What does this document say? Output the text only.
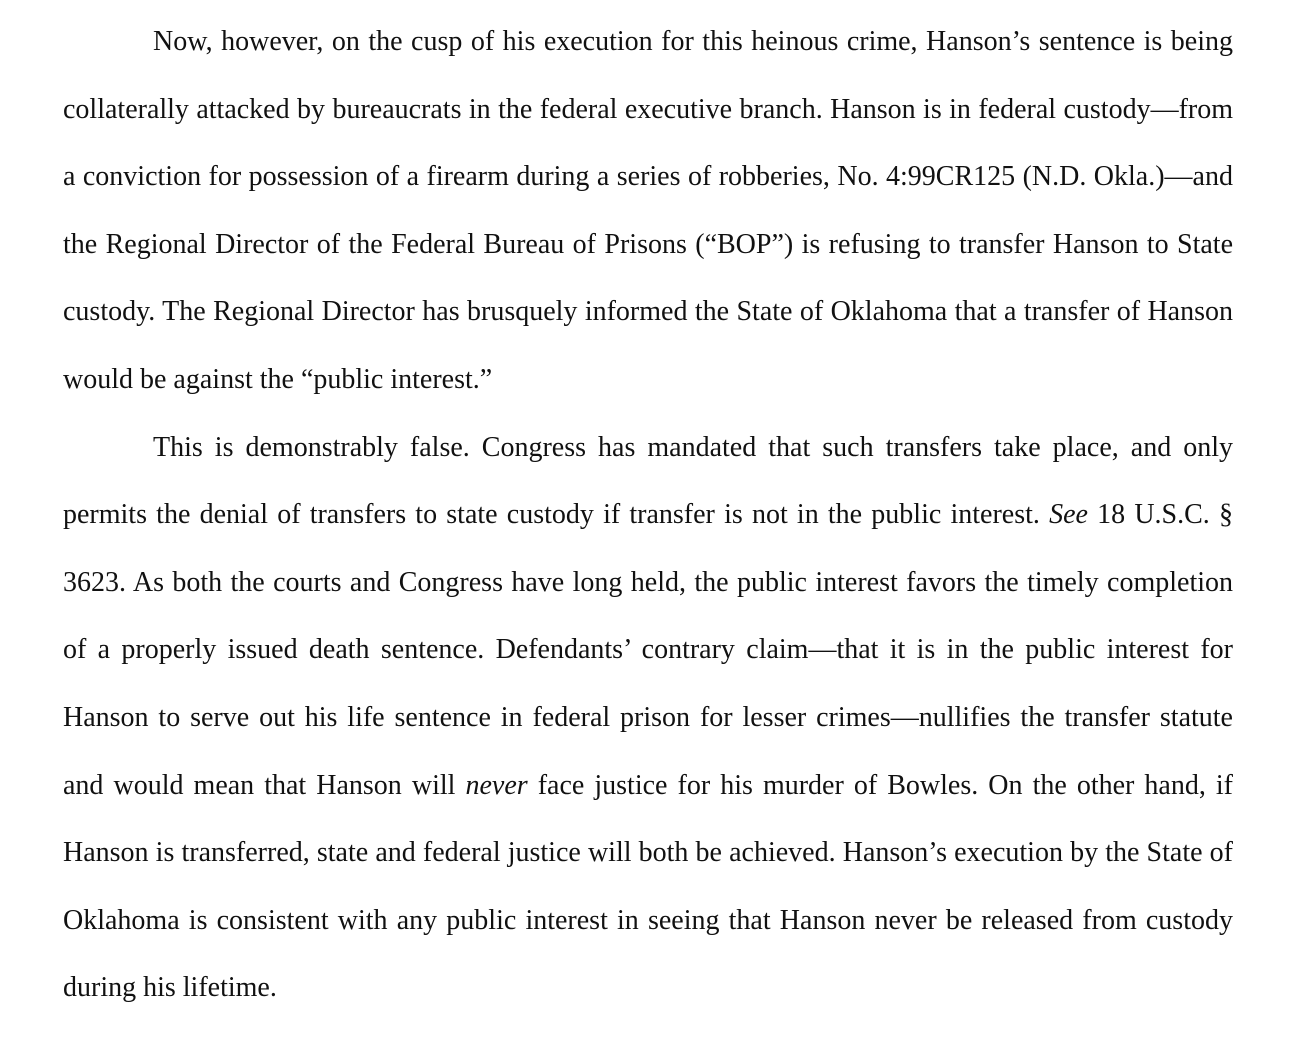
Now, however, on the cusp of his execution for this heinous crime, Hanson’s sentence is being collaterally attacked by bureaucrats in the federal executive branch. Hanson is in federal custody—from a conviction for possession of a firearm during a series of robberies, No. 4:99CR125 (N.D. Okla.)—and the Regional Director of the Federal Bureau of Prisons (“BOP”) is refusing to transfer Hanson to State custody. The Regional Director has brusquely informed the State of Oklahoma that a transfer of Hanson would be against the “public interest.”

This is demonstrably false. Congress has mandated that such transfers take place, and only permits the denial of transfers to state custody if transfer is not in the public interest. See 18 U.S.C. § 3623. As both the courts and Congress have long held, the public interest favors the timely completion of a properly issued death sentence. Defendants’ contrary claim—that it is in the public interest for Hanson to serve out his life sentence in federal prison for lesser crimes—nullifies the transfer statute and would mean that Hanson will never face justice for his murder of Bowles. On the other hand, if Hanson is transferred, state and federal justice will both be achieved. Hanson’s execution by the State of Oklahoma is consistent with any public interest in seeing that Hanson never be released from custody during his lifetime.
